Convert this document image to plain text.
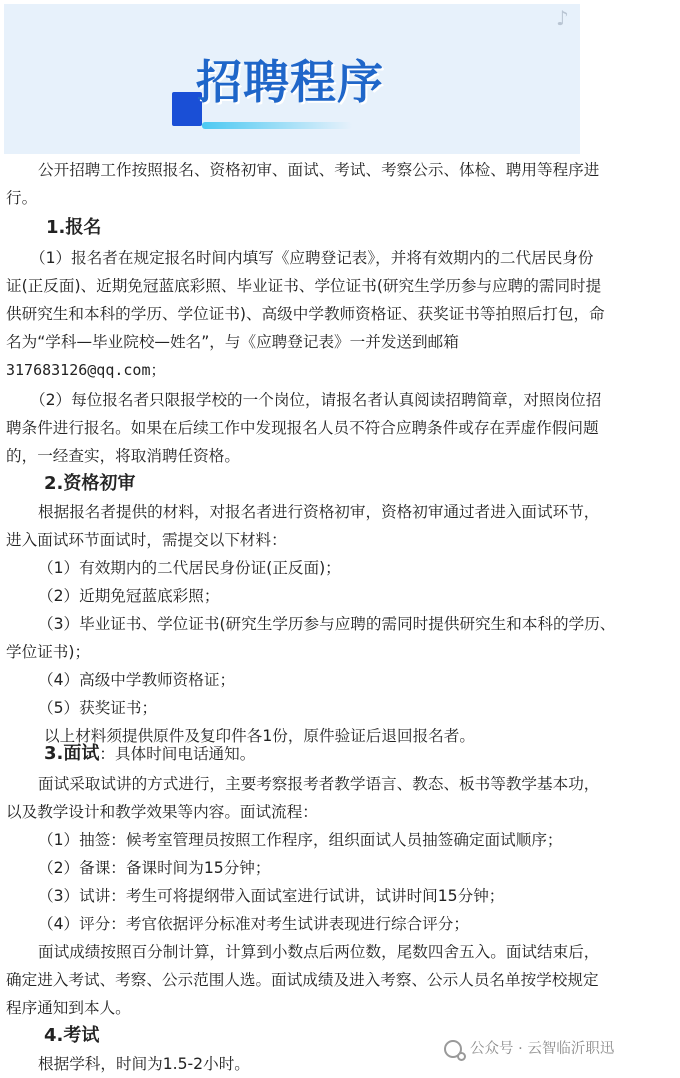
♪
招聘程序
公开招聘工作按照报名、资格初审、面试、考试、考察公示、体检、聘用等程序进
行。
1.报名
（1）报名者在规定报名时间内填写《应聘登记表》，并将有效期内的二代居民身份
证(正反面)、近期免冠蓝底彩照、毕业证书、学位证书(研究生学历参与应聘的需同时提
供研究生和本科的学历、学位证书)、高级中学教师资格证、获奖证书等拍照后打包，命
名为“学科—毕业院校—姓名”，与《应聘登记表》一并发送到邮箱
317683126@qq.com；
（2）每位报名者只限报学校的一个岗位，请报名者认真阅读招聘简章，对照岗位招
聘条件进行报名。如果在后续工作中发现报名人员不符合应聘条件或存在弄虚作假问题
的，一经查实，将取消聘任资格。
2.资格初审
根据报名者提供的材料，对报名者进行资格初审，资格初审通过者进入面试环节，
进入面试环节面试时，需提交以下材料：
（1）有效期内的二代居民身份证(正反面)；
（2）近期免冠蓝底彩照；
（3）毕业证书、学位证书(研究生学历参与应聘的需同时提供研究生和本科的学历、
学位证书)；
（4）高级中学教师资格证；
（5）获奖证书；
以上材料须提供原件及复印件各1份，原件验证后退回报名者。
3.面试：具体时间电话通知。
面试采取试讲的方式进行，主要考察报考者教学语言、教态、板书等教学基本功，
以及教学设计和教学效果等内容。面试流程：
（1）抽签：候考室管理员按照工作程序，组织面试人员抽签确定面试顺序；
（2）备课：备课时间为15分钟；
（3）试讲：考生可将提纲带入面试室进行试讲，试讲时间15分钟；
（4）评分：考官依据评分标准对考生试讲表现进行综合评分；
面试成绩按照百分制计算，计算到小数点后两位数，尾数四舍五入。面试结束后，
确定进入考试、考察、公示范围人选。面试成绩及进入考察、公示人员名单按学校规定
程序通知到本人。
4.考试
根据学科，时间为1.5-2小时。
公众号 · 云智临沂职迅
